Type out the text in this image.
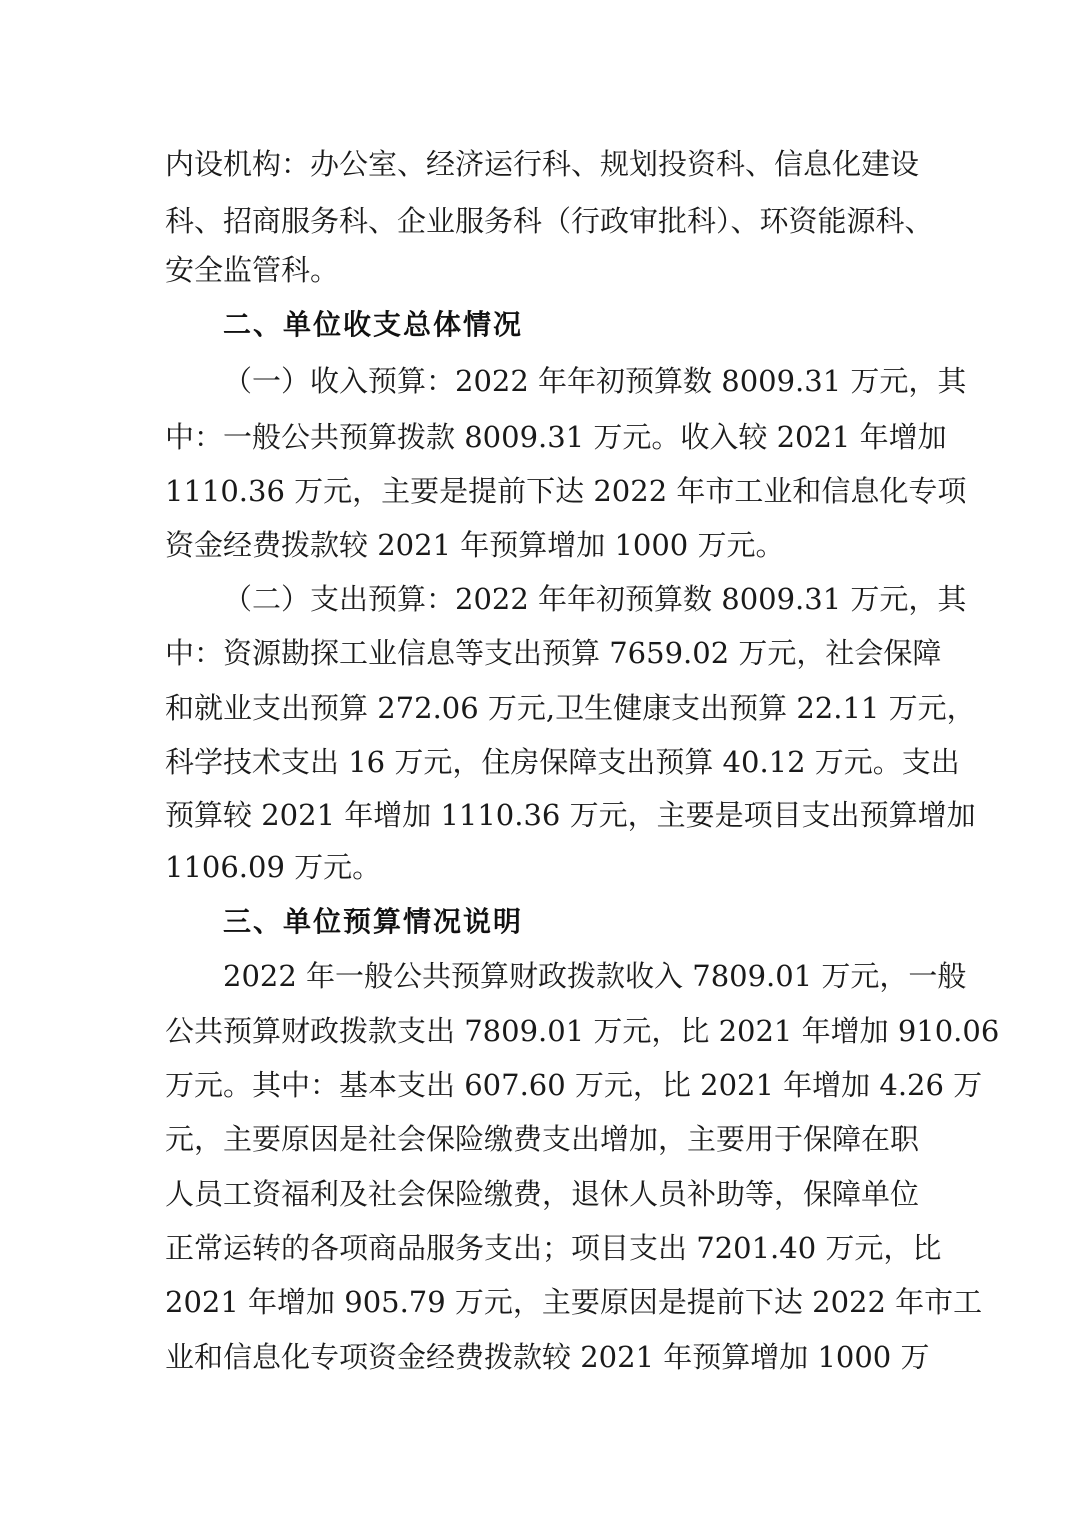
内设机构：办公室、经济运行科、规划投资科、信息化建设
科、招商服务科、企业服务科（行政审批科）、环资能源科、
安全监管科。
二、单位收支总体情况
（一）收入预算：2022 年年初预算数 8009.31 万元，其
中：一般公共预算拨款 8009.31 万元。收入较 2021 年增加
1110.36 万元，主要是提前下达 2022 年市工业和信息化专项
资金经费拨款较 2021 年预算增加 1000 万元。
（二）支出预算：2022 年年初预算数 8009.31 万元，其
中：资源勘探工业信息等支出预算 7659.02 万元，社会保障
和就业支出预算 272.06 万元,卫生健康支出预算 22.11 万元，
科学技术支出 16 万元，住房保障支出预算 40.12 万元。支出
预算较 2021 年增加 1110.36 万元，主要是项目支出预算增加
1106.09 万元。
三、单位预算情况说明
2022 年一般公共预算财政拨款收入 7809.01 万元，一般
公共预算财政拨款支出 7809.01 万元，比 2021 年增加 910.06
万元。其中：基本支出 607.60 万元，比 2021 年增加 4.26 万
元，主要原因是社会保险缴费支出增加，主要用于保障在职
人员工资福利及社会保险缴费，退休人员补助等，保障单位
正常运转的各项商品服务支出；项目支出 7201.40 万元，比
2021 年增加 905.79 万元，主要原因是提前下达 2022 年市工
业和信息化专项资金经费拨款较 2021 年预算增加 1000 万
